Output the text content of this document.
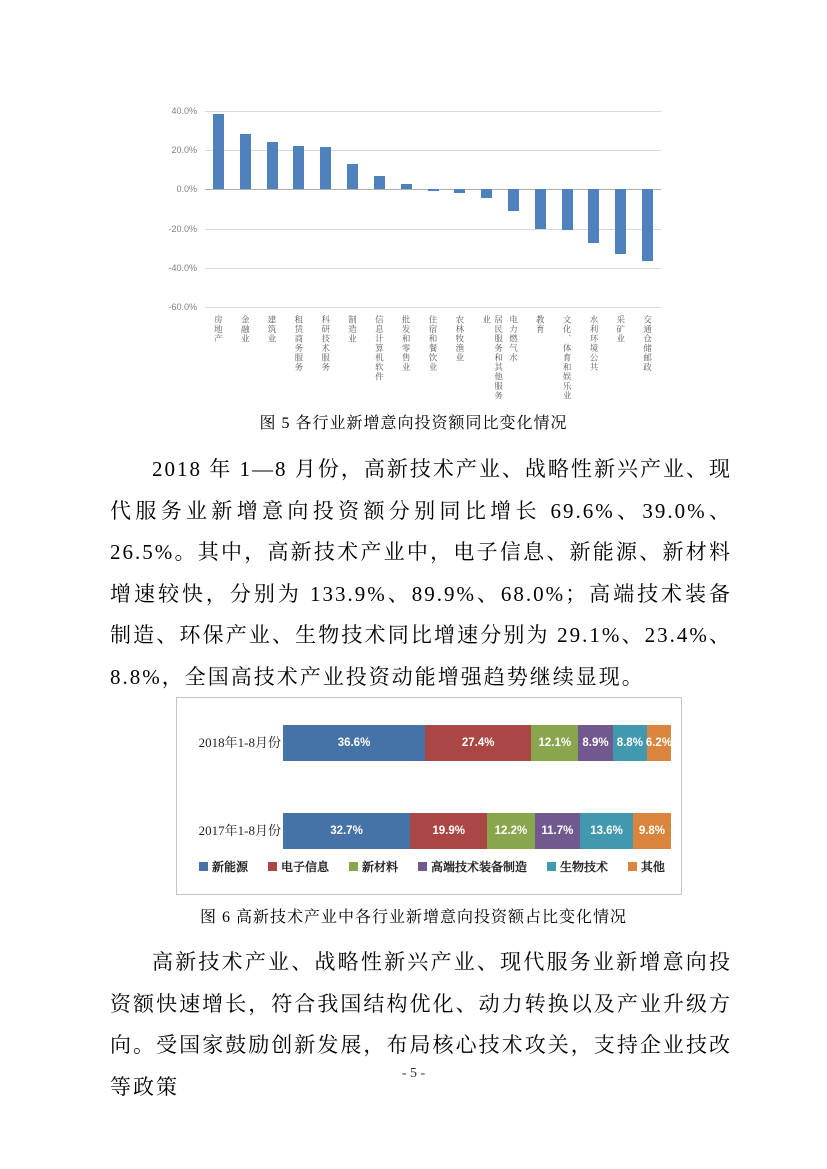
40.0%
20.0%
0.0%
-20.0%
-40.0%
-60.0%
房地产 金融业 建筑业 租赁商务服务 科研技术服务 制造业 信息计算机软件 批发和零售业 住宿和餐饮业 农林牧渔业	居民服务和其他服务业	电力燃气水 教育 文化、体育和娱乐业 水利环境公共 采矿业 交通仓储邮政
图 5 各行业新增意向投资额同比变化情况
2018 年 1—8 月份，高新技术产业、战略性新兴产业、现代服务业新增意向投资额分别同比增长 69.6%、39.0%、26.5%。其中，高新技术产业中，电子信息、新能源、新材料增速较快，分别为 133.9%、89.9%、68.0%；高端技术装备制造、环保产业、生物技术同比增速分别为 29.1%、23.4%、8.8%，全国高技术产业投资动能增强趋势继续显现。
2018年1-8月份	36.6%	27.4%	12.1% 8.9% 8.8% 6.2%
2017年1-8月份	32.7%	19.9%	12.2% 11.7% 13.6% 9.8%
新能源	电子信息	新材料	高端技术装备制造	生物技术	其他
图 6 高新技术产业中各行业新增意向投资额占比变化情况
高新技术产业、战略性新兴产业、现代服务业新增意向投资额快速增长，符合我国结构优化、动力转换以及产业升级方向。受国家鼓励创新发展，布局核心技术攻关，支持企业技改等政策
- 5 -
